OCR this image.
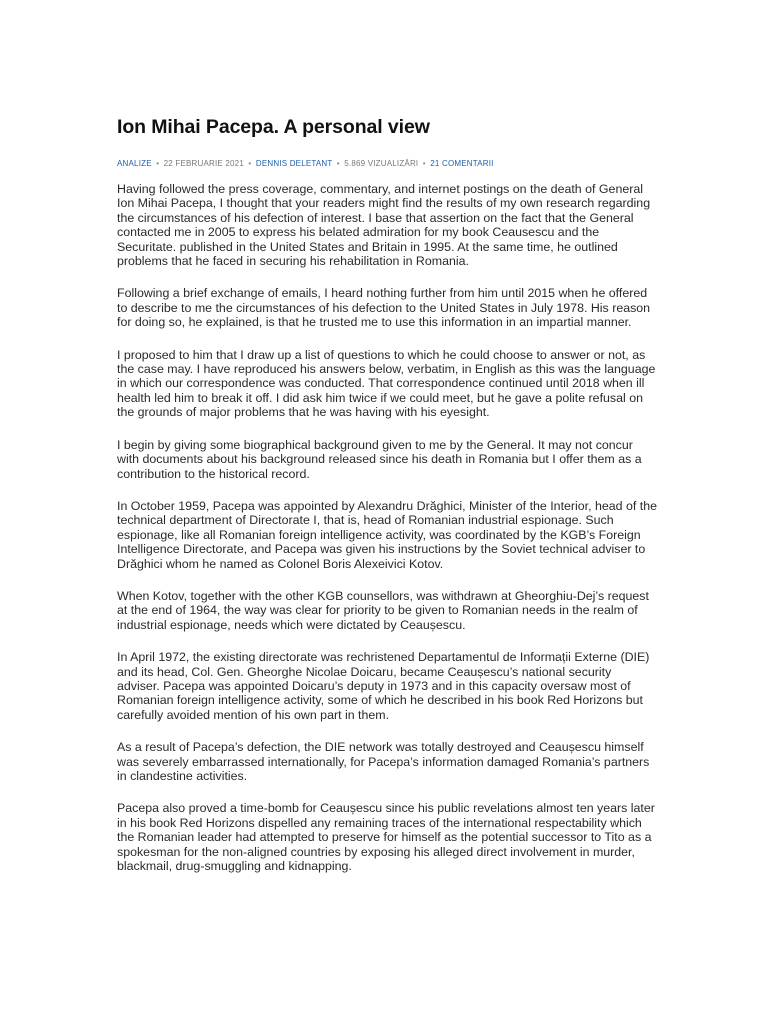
Ion Mihai Pacepa. A personal view
ANALIZE • 22 FEBRUARIE 2021 • DENNIS DELETANT • 5.869 VIZUALIZĂRI • 21 COMENTARII

Having followed the press coverage, commentary, and internet postings on the death of General Ion Mihai Pacepa, I thought that your readers might find the results of my own research regarding the circumstances of his defection of interest. I base that assertion on the fact that the General contacted me in 2005 to express his belated admiration for my book Ceausescu and the Securitate. published in the United States and Britain in 1995. At the same time, he outlined problems that he faced in securing his rehabilitation in Romania.

Following a brief exchange of emails, I heard nothing further from him until 2015 when he offered to describe to me the circumstances of his defection to the United States in July 1978. His reason for doing so, he explained, is that he trusted me to use this information in an impartial manner.

I proposed to him that I draw up a list of questions to which he could choose to answer or not, as the case may. I have reproduced his answers below, verbatim, in English as this was the language in which our correspondence was conducted. That correspondence continued until 2018 when ill health led him to break it off. I did ask him twice if we could meet, but he gave a polite refusal on the grounds of major problems that he was having with his eyesight.

I begin by giving some biographical background given to me by the General. It may not concur with documents about his background released since his death in Romania but I offer them as a contribution to the historical record.

In October 1959, Pacepa was appointed by Alexandru Drăghici, Minister of the Interior, head of the technical department of Directorate I, that is, head of Romanian industrial espionage. Such espionage, like all Romanian foreign intelligence activity, was coordinated by the KGB’s Foreign Intelligence Directorate, and Pacepa was given his instructions by the Soviet technical adviser to Drăghici whom he named as Colonel Boris Alexeivici Kotov.

When Kotov, together with the other KGB counsellors, was withdrawn at Gheorghiu-Dej’s request at the end of 1964, the way was clear for priority to be given to Romanian needs in the realm of industrial espionage, needs which were dictated by Ceaușescu.

In April 1972, the existing directorate was rechristened Departamentul de Informații Externe (DIE) and its head, Col. Gen. Gheorghe Nicolae Doicaru, became Ceaușescu’s national security adviser. Pacepa was appointed Doicaru’s deputy in 1973 and in this capacity oversaw most of Romanian foreign intelligence activity, some of which he described in his book Red Horizons but carefully avoided mention of his own part in them.

As a result of Pacepa’s defection, the DIE network was totally destroyed and Ceaușescu himself was severely embarrassed internationally, for Pacepa’s information damaged Romania’s partners in clandestine activities.

Pacepa also proved a time-bomb for Ceaușescu since his public revelations almost ten years later in his book Red Horizons dispelled any remaining traces of the international respectability which the Romanian leader had attempted to preserve for himself as the potential successor to Tito as a spokesman for the non-aligned countries by exposing his alleged direct involvement in murder, blackmail, drug-smuggling and kidnapping.
